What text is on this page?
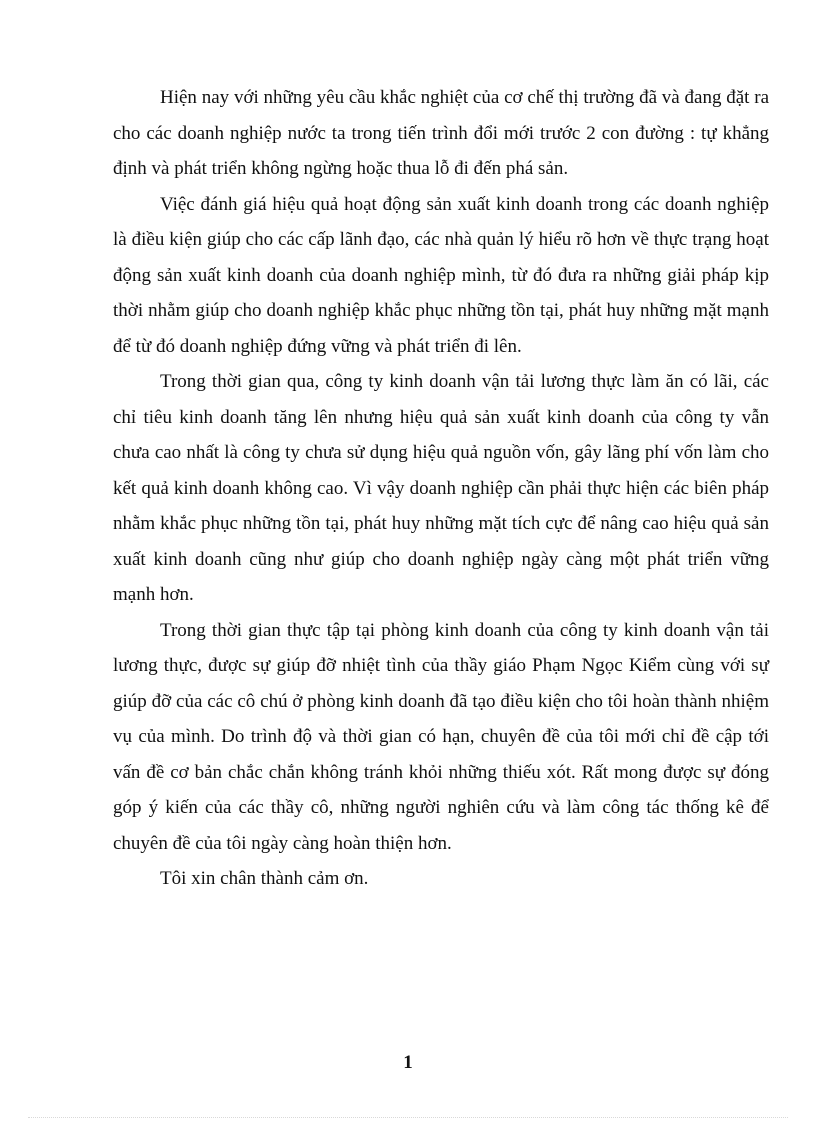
Hiện nay với những yêu cầu khắc nghiệt của cơ chế thị trường đã và đang đặt ra cho các doanh nghiệp nước ta trong tiến trình đổi mới trước 2 con đường : tự khẳng định và phát triển không ngừng hoặc thua lỗ đi đến phá sản.

Việc đánh giá hiệu quả hoạt động sản xuất kinh doanh trong các doanh nghiệp là điều kiện giúp cho các cấp lãnh đạo, các nhà quản lý hiểu rõ hơn về thực trạng hoạt động sản xuất kinh doanh của doanh nghiệp mình, từ đó đưa ra những giải pháp kịp thời nhằm giúp cho doanh nghiệp khắc phục những tồn tại, phát huy những mặt mạnh để từ đó doanh nghiệp đứng vững và phát triển đi lên.

Trong thời gian qua, công ty kinh doanh vận tải lương thực làm ăn có lãi, các chỉ tiêu kinh doanh tăng lên nhưng hiệu quả sản xuất kinh doanh của công ty vẫn chưa cao nhất là công ty chưa sử dụng hiệu quả nguồn vốn, gây lãng phí vốn làm cho kết quả kinh doanh không cao. Vì vậy doanh nghiệp cần phải thực hiện các biên pháp nhằm khắc phục những tồn tại, phát huy những mặt tích cực để nâng cao hiệu quả sản xuất kinh doanh cũng như giúp cho doanh nghiệp ngày càng một phát triển vững mạnh hơn.

Trong thời gian thực tập tại phòng kinh doanh của công ty kinh doanh vận tải lương thực, được sự giúp đỡ nhiệt tình của thầy giáo Phạm Ngọc Kiểm cùng với sự giúp đỡ của các cô chú ở phòng kinh doanh đã tạo điều kiện cho tôi hoàn thành nhiệm vụ của mình. Do trình độ và thời gian có hạn, chuyên đề của tôi mới chỉ đề cập tới vấn đề cơ bản chắc chắn không tránh khỏi những thiếu xót. Rất mong được sự đóng góp ý kiến của các thầy cô, những người nghiên cứu và làm công tác thống kê để chuyên đề của tôi ngày càng hoàn thiện hơn.

Tôi xin chân thành cảm ơn.

1
